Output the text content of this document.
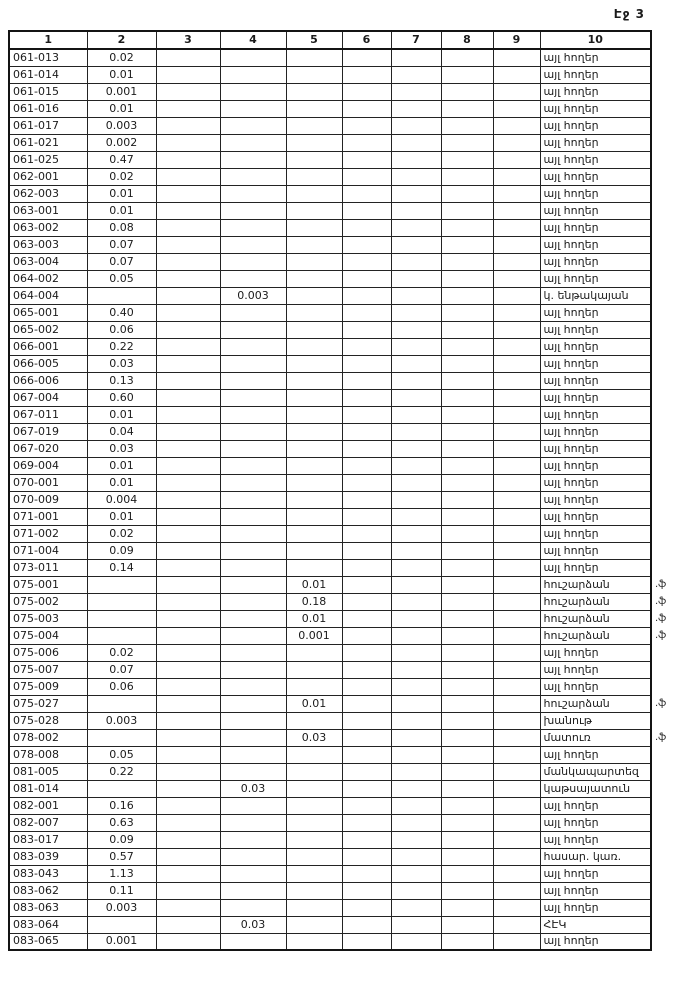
Էջ 3
1	2	3	4	5	6	7	8	9	10
061-013	0.02								այլ հողեր
061-014	0.01								այլ հողեր
061-015	0.001								այլ հողեր
061-016	0.01								այլ հողեր
061-017	0.003								այլ հողեր
061-021	0.002								այլ հողեր
061-025	0.47								այլ հողեր
062-001	0.02								այլ հողեր
062-003	0.01								այլ հողեր
063-001	0.01								այլ հողեր
063-002	0.08								այլ հողեր
063-003	0.07								այլ հողեր
063-004	0.07								այլ հողեր
064-002	0.05								այլ հողեր
064-004			0.003						կ. ենթակայան
065-001	0.40								այլ հողեր
065-002	0.06								այլ հողեր
066-001	0.22								այլ հողեր
066-005	0.03								այլ հողեր
066-006	0.13								այլ հողեր
067-004	0.60								այլ հողեր
067-011	0.01								այլ հողեր
067-019	0.04								այլ հողեր
067-020	0.03								այլ հողեր
069-004	0.01								այլ հողեր
070-001	0.01								այլ հողեր
070-009	0.004								այլ հողեր
071-001	0.01								այլ հողեր
071-002	0.02								այլ հողեր
071-004	0.09								այլ հողեր
073-011	0.14								այլ հողեր
075-001				0.01					հուշարձան
075-002				0.18					հուշարձան
075-003				0.01					հուշարձան
075-004				0.001					հուշարձան
075-006	0.02								այլ հողեր
075-007	0.07								այլ հողեր
075-009	0.06								այլ հողեր
075-027				0.01					հուշարձան
075-028	0.003								խանութ
078-002				0.03					մատուռ
078-008	0.05								այլ հողեր
081-005	0.22								մանկապարտեզ
081-014			0.03						կաթսայատուն
082-001	0.16								այլ հողեր
082-007	0.63								այլ հողեր
083-017	0.09								այլ հողեր
083-039	0.57								հասար. կառ.
083-043	1.13								այլ հողեր
083-062	0.11								այլ հողեր
083-063	0.003								այլ հողեր
083-064			0.03						ՀԷԿ
083-065	0.001								այլ հողեր
.ֆ
.ֆ
.ֆ
.ֆ
.ֆ
.ֆ
